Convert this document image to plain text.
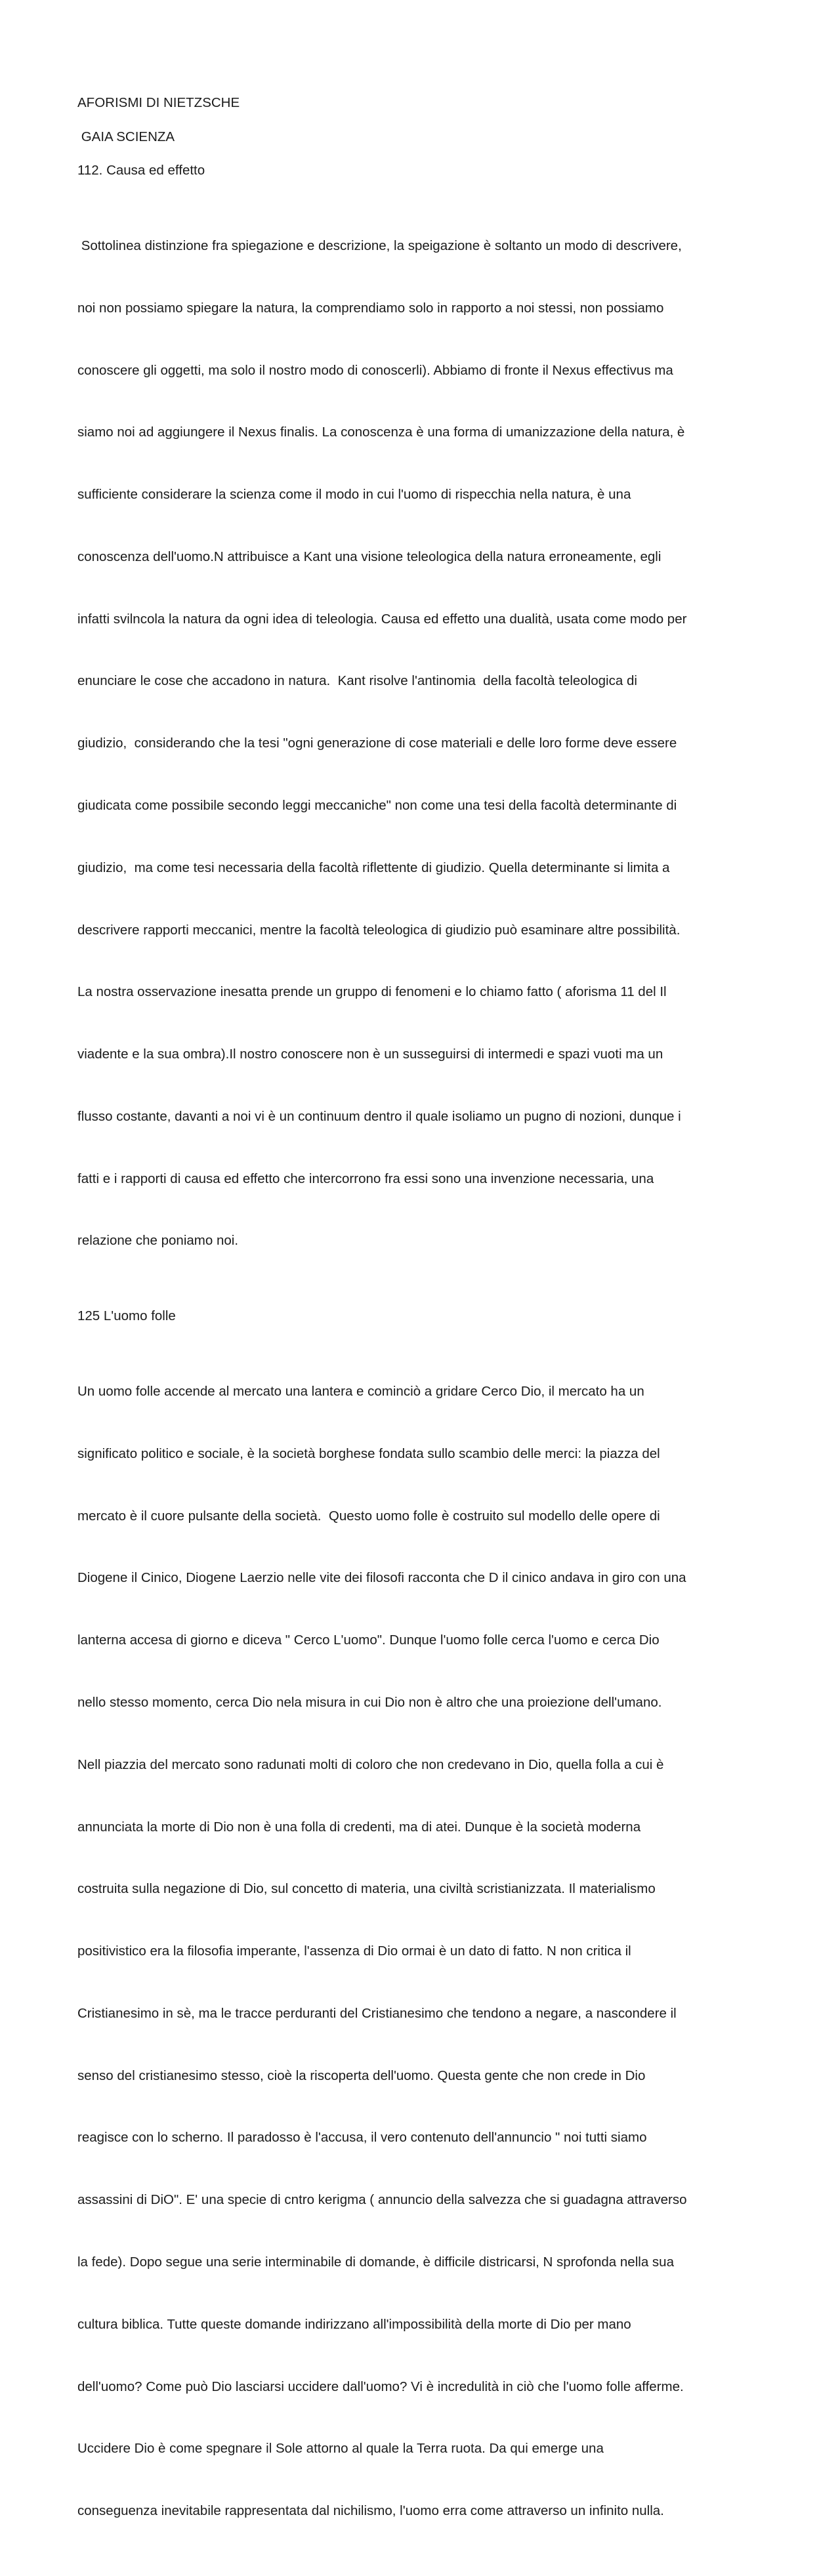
AFORISMI DI NIETZSCHE

GAIA SCIENZA

112. Causa ed effetto

Sottolinea distinzione fra spiegazione e descrizione, la speigazione è soltanto un modo di descrivere,

noi non possiamo spiegare la natura, la comprendiamo solo in rapporto a noi stessi, non possiamo

conoscere gli oggetti, ma solo il nostro modo di conoscerli). Abbiamo di fronte il Nexus effectivus ma

siamo noi ad aggiungere il Nexus finalis. La conoscenza è una forma di umanizzazione della natura, è

sufficiente considerare la scienza come il modo in cui l'uomo di rispecchia nella natura, è una

conoscenza dell'uomo.N attribuisce a Kant una visione teleologica della natura erroneamente, egli

infatti svilncola la natura da ogni idea di teleologia. Causa ed effetto una dualità, usata come modo per

enunciare le cose che accadono in natura.  Kant risolve l'antinomia  della facoltà teleologica di

giudizio,  considerando che la tesi "ogni generazione di cose materiali e delle loro forme deve essere

giudicata come possibile secondo leggi meccaniche" non come una tesi della facoltà determinante di

giudizio,  ma come tesi necessaria della facoltà riflettente di giudizio. Quella determinante si limita a

descrivere rapporti meccanici, mentre la facoltà teleologica di giudizio può esaminare altre possibilità.

La nostra osservazione inesatta prende un gruppo di fenomeni e lo chiamo fatto ( aforisma 11 del Il

viadente e la sua ombra).Il nostro conoscere non è un susseguirsi di intermedi e spazi vuoti ma un

flusso costante, davanti a noi vi è un continuum dentro il quale isoliamo un pugno di nozioni, dunque i

fatti e i rapporti di causa ed effetto che intercorrono fra essi sono una invenzione necessaria, una

relazione che poniamo noi.

125 L'uomo folle

Un uomo folle accende al mercato una lantera e cominciò a gridare Cerco Dio, il mercato ha un

significato politico e sociale, è la società borghese fondata sullo scambio delle merci: la piazza del

mercato è il cuore pulsante della società.  Questo uomo folle è costruito sul modello delle opere di

Diogene il Cinico, Diogene Laerzio nelle vite dei filosofi racconta che D il cinico andava in giro con una

lanterna accesa di giorno e diceva " Cerco L'uomo". Dunque l'uomo folle cerca l'uomo e cerca Dio

nello stesso momento, cerca Dio nela misura in cui Dio non è altro che una proiezione dell'umano.

Nell piazzia del mercato sono radunati molti di coloro che non credevano in Dio, quella folla a cui è

annunciata la morte di Dio non è una folla di credenti, ma di atei. Dunque è la società moderna

costruita sulla negazione di Dio, sul concetto di materia, una civiltà scristianizzata. Il materialismo

positivistico era la filosofia imperante, l'assenza di Dio ormai è un dato di fatto. N non critica il

Cristianesimo in sè, ma le tracce perduranti del Cristianesimo che tendono a negare, a nascondere il

senso del cristianesimo stesso, cioè la riscoperta dell'uomo. Questa gente che non crede in Dio

reagisce con lo scherno. Il paradosso è l'accusa, il vero contenuto dell'annuncio " noi tutti siamo

assassini di DiO". E' una specie di cntro kerigma ( annuncio della salvezza che si guadagna attraverso

la fede). Dopo segue una serie interminabile di domande, è difficile districarsi, N sprofonda nella sua

cultura biblica. Tutte queste domande indirizzano all'impossibilità della morte di Dio per mano

dell'uomo? Come può Dio lasciarsi uccidere dall'uomo? Vi è incredulità in ciò che l'uomo folle afferme.

Uccidere Dio è come spegnare il Sole attorno al quale la Terra ruota. Da qui emerge una

conseguenza inevitabile rappresentata dal nichilismo, l'uomo erra come attraverso un infinito nulla.
